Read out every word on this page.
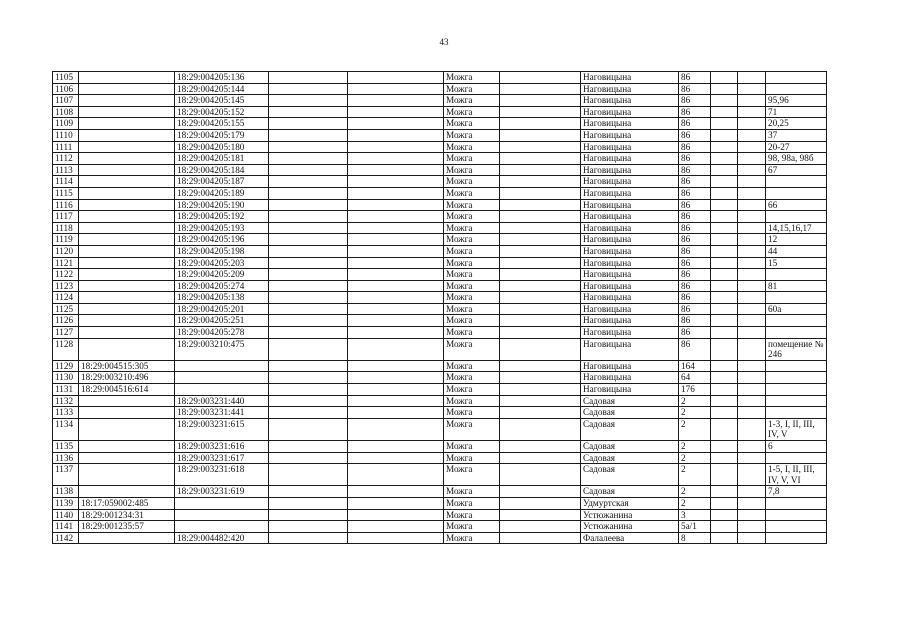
43
1105		18:29:004205:136			Можга		Наговицына	86			
1106		18:29:004205:144			Можга		Наговицына	86			
1107		18:29:004205:145			Можга		Наговицына	86			95,96
1108		18:29:004205:152			Можга		Наговицына	86			71
1109		18:29:004205:155			Можга		Наговицына	86			20,25
1110		18:29:004205:179			Можга		Наговицына	86			37
1111		18:29:004205:180			Можга		Наговицына	86			20-27
1112		18:29:004205:181			Можга		Наговицына	86			98, 98а, 98б
1113		18:29:004205:184			Можга		Наговицына	86			67
1114		18:29:004205:187			Можга		Наговицына	86			
1115		18:29:004205:189			Можга		Наговицына	86			
1116		18:29:004205:190			Можга		Наговицына	86			66
1117		18:29:004205:192			Можга		Наговицына	86			
1118		18:29:004205:193			Можга		Наговицына	86			14,15,16,17
1119		18:29:004205:196			Можга		Наговицына	86			12
1120		18:29:004205:198			Можга		Наговицына	86			44
1121		18:29:004205:203			Можга		Наговицына	86			15
1122		18:29:004205:209			Можга		Наговицына	86			
1123		18:29:004205:274			Можга		Наговицына	86			81
1124		18:29:004205:138			Можга		Наговицына	86			
1125		18:29:004205:201			Можга		Наговицына	86			60а
1126		18:29:004205:251			Можга		Наговицына	86			
1127		18:29:004205:278			Можга		Наговицына	86			
1128		18:29:003210:475			Можга		Наговицына	86			помещение № 246
1129	18:29:004515:305				Можга		Наговицына	164			
1130	18:29:003210:496				Можга		Наговицына	64			
1131	18:29:004516:614				Можга		Наговицына	176			
1132		18:29:003231:440			Можга		Садовая	2			
1133		18:29:003231:441			Можга		Садовая	2			
1134		18:29:003231:615			Можга		Садовая	2			1-3, I, II, III, IV, V
1135		18:29:003231:616			Можга		Садовая	2			6
1136		18:29:003231:617			Можга		Садовая	2			
1137		18:29:003231:618			Можга		Садовая	2			1-5, I, II, III, IV, V, VI
1138		18:29:003231:619			Можга		Садовая	2			7,8
1139	18:17:059002:485				Можга		Удмуртская	2			
1140	18:29:001234:31				Можга		Устюжанина	3			
1141	18:29:001235:57				Можга		Устюжанина	5а/1			
1142		18:29:004482:420			Можга		Фалалеева	8			
